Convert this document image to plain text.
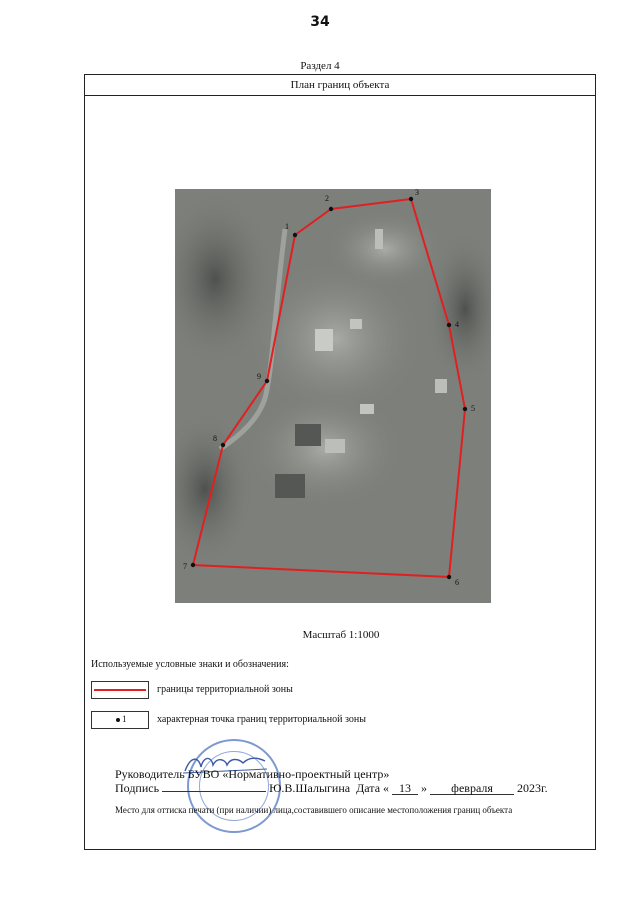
34
Раздел 4
План границ объекта
1
2
3
4
5
6
7
8
9
Масштаб 1:1000
Используемые условные знаки и обозначения:
границы территориальной зоны
1	характерная точка границ территориальной зоны
Руководитель БУВО «Нормативно-проектный центр»
Подпись	Ю.В.Шалыгина Дата « 13 » февраля 2023г.
Место для оттиска печати (при наличии) лица,составившего описание местоположения границ объекта
